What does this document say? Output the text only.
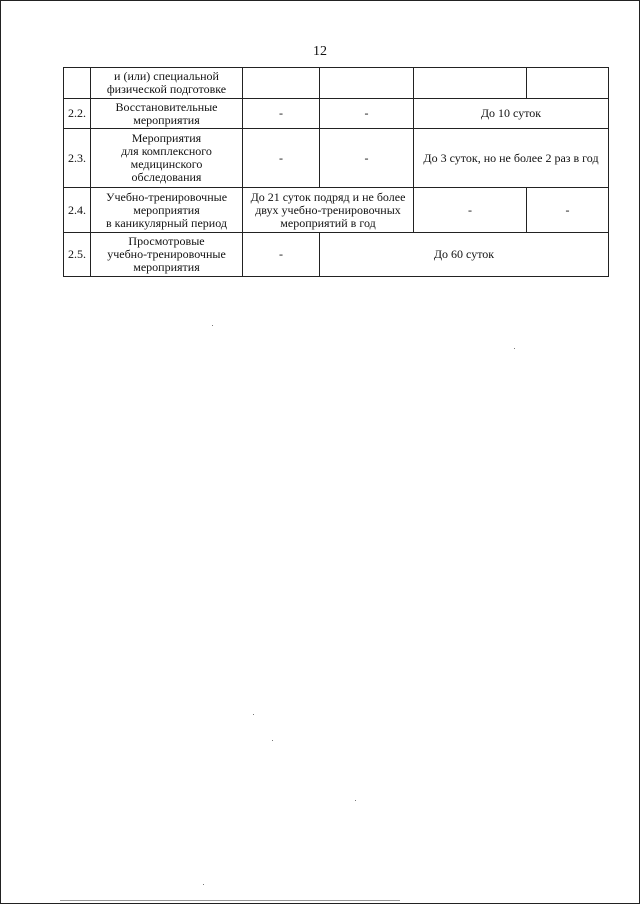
12
	и (или) специальной
физической подготовке				
2.2.	Восстановительные
мероприятия	-	-	До 10 суток	
2.3.	Мероприятия
для комплексного
медицинского
обследования	-	-	До 3 суток, но не более 2 раз в год	
2.4.	Учебно-тренировочные
мероприятия
в каникулярный период	До 21 суток подряд и не более
двух учебно-тренировочных
мероприятий в год		-	-
2.5.	Просмотровые
учебно-тренировочные
мероприятия	-	До 60 суток		
